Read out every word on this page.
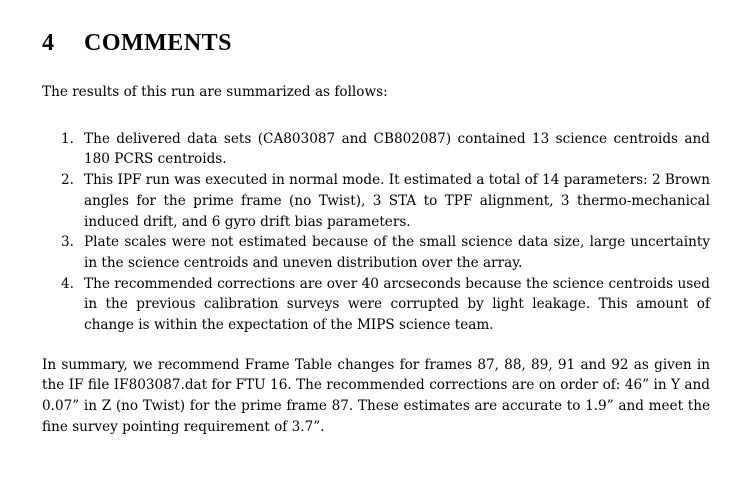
4	COMMENTS

The results of this run are summarized as follows:

1. The delivered data sets (CA803087 and CB802087) contained 13 science centroids and 180 PCRS centroids.
2. This IPF run was executed in normal mode. It estimated a total of 14 parameters: 2 Brown angles for the prime frame (no Twist), 3 STA to TPF alignment, 3 thermo-mechanical induced drift, and 6 gyro drift bias parameters.
3. Plate scales were not estimated because of the small science data size, large uncertainty in the science centroids and uneven distribution over the array.
4. The recommended corrections are over 40 arcseconds because the science centroids used in the previous calibration surveys were corrupted by light leakage. This amount of change is within the expectation of the MIPS science team.

In summary, we recommend Frame Table changes for frames 87, 88, 89, 91 and 92 as given in the IF file IF803087.dat for FTU 16. The recommended corrections are on order of: 46” in Y and 0.07” in Z (no Twist) for the prime frame 87. These estimates are accurate to 1.9” and meet the fine survey pointing requirement of 3.7”.
